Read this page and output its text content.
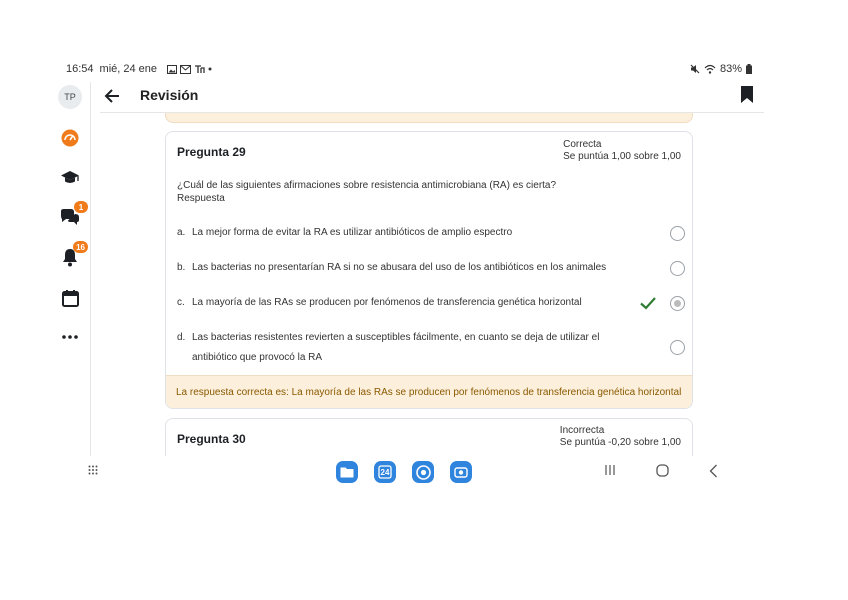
16:54 mié, 24 ene	83%
TP
1
16
Revisión
Pregunta 29
Correcta
Se puntúa 1,00 sobre 1,00
¿Cuál de las siguientes afirmaciones sobre resistencia antimicrobiana (RA) es cierta?
Respuesta
a. La mejor forma de evitar la RA es utilizar antibióticos de amplio espectro
b. Las bacterias no presentarían RA si no se abusara del uso de los antibióticos en los animales
c. La mayoría de las RAs se producen por fenómenos de transferencia genética horizontal
d. Las bacterias resistentes revierten a susceptibles fácilmente, en cuanto se deja de utilizar el antibiótico que provocó la RA
La respuesta correcta es: La mayoría de las RAs se producen por fenómenos de transferencia genética horizontal
Pregunta 30
Incorrecta
Se puntúa -0,20 sobre 1,00
24
